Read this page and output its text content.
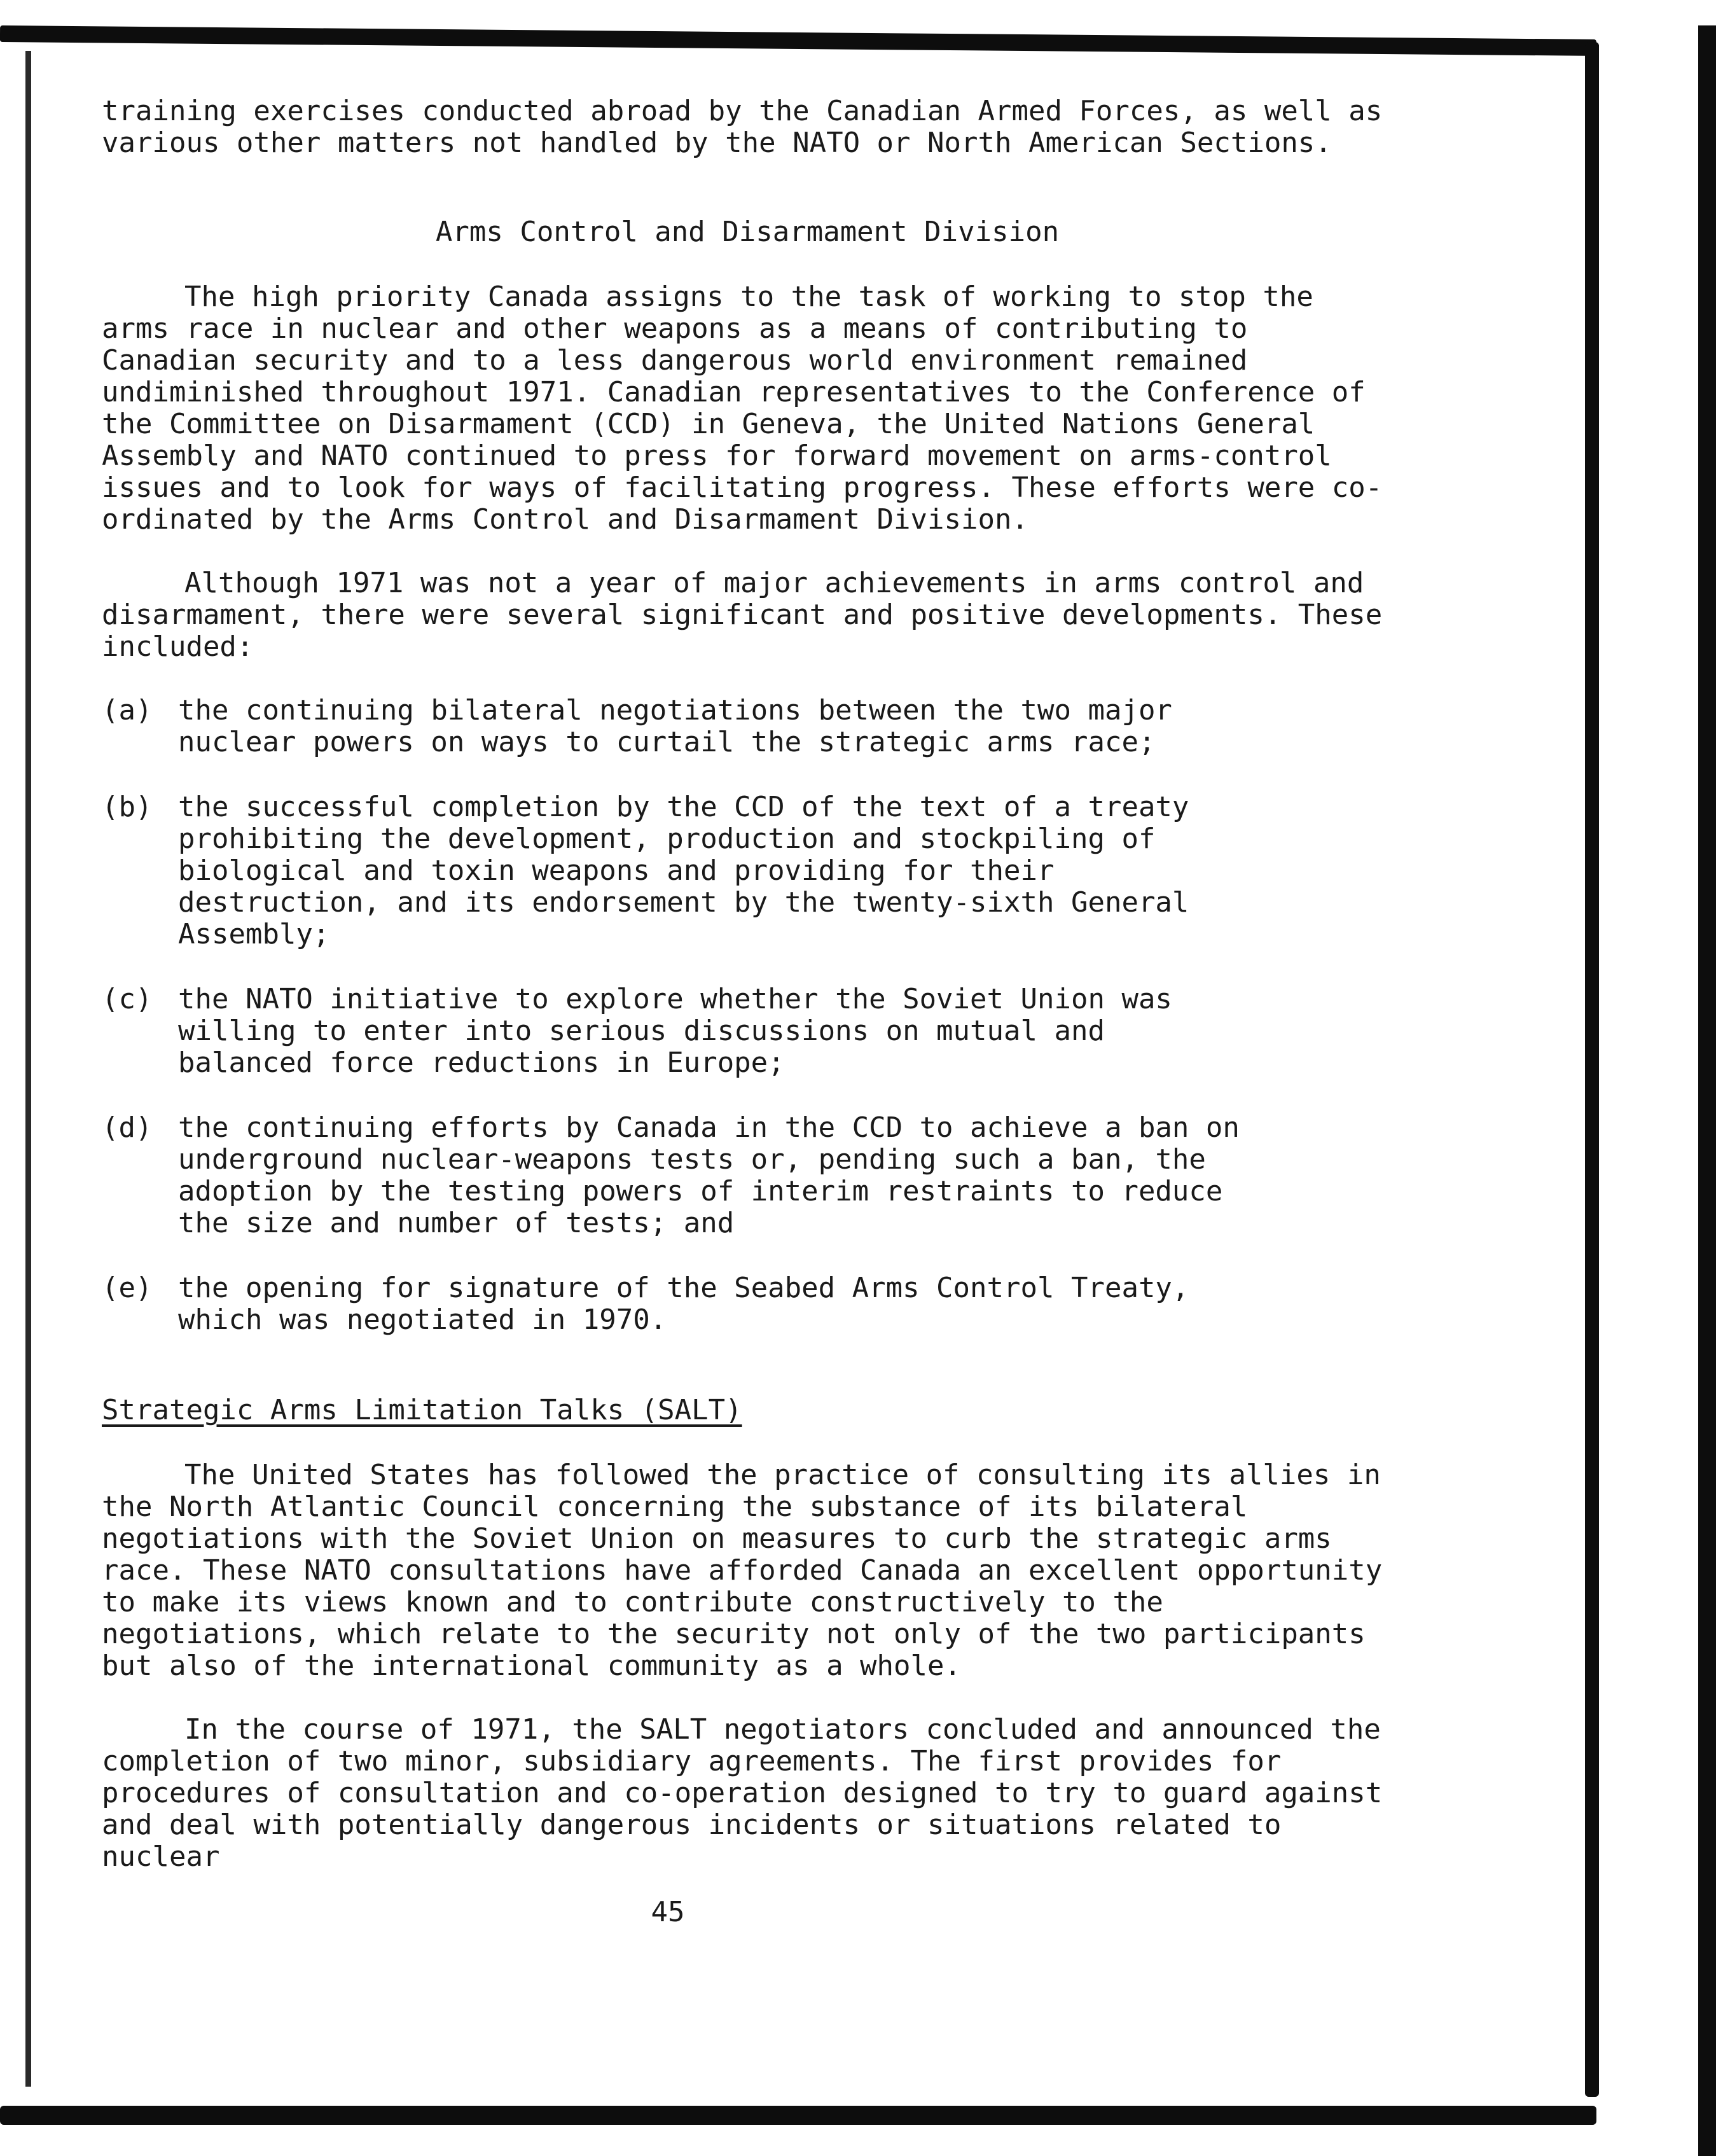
training exercises conducted abroad by the Canadian Armed Forces, as well as various other matters not handled by the NATO or North American Sections.

Arms Control and Disarmament Division

The high priority Canada assigns to the task of working to stop the arms race in nuclear and other weapons as a means of contributing to Canadian security and to a less dangerous world environment remained undiminished throughout 1971. Canadian representatives to the Conference of the Committee on Disarmament (CCD) in Geneva, the United Nations General Assembly and NATO continued to press for forward movement on arms-control issues and to look for ways of facilitating progress. These efforts were co-ordinated by the Arms Control and Disarmament Division.

Although 1971 was not a year of major achievements in arms control and disarmament, there were several significant and positive developments. These included:

(a) the continuing bilateral negotiations between the two major nuclear powers on ways to curtail the strategic arms race;
(b) the successful completion by the CCD of the text of a treaty prohibiting the development, production and stockpiling of biological and toxin weapons and providing for their destruction, and its endorsement by the twenty-sixth General Assembly;
(c) the NATO initiative to explore whether the Soviet Union was willing to enter into serious discussions on mutual and balanced force reductions in Europe;
(d) the continuing efforts by Canada in the CCD to achieve a ban on underground nuclear-weapons tests or, pending such a ban, the adoption by the testing powers of interim restraints to reduce the size and number of tests; and
(e) the opening for signature of the Seabed Arms Control Treaty, which was negotiated in 1970.
Strategic Arms Limitation Talks (SALT)

The United States has followed the practice of consulting its allies in the North Atlantic Council concerning the substance of its bilateral negotiations with the Soviet Union on measures to curb the strategic arms race. These NATO consultations have afforded Canada an excellent opportunity to make its views known and to contribute constructively to the negotiations, which relate to the security not only of the two participants but also of the international community as a whole.

In the course of 1971, the SALT negotiators concluded and announced the completion of two minor, subsidiary agreements. The first provides for procedures of consultation and co-operation designed to try to guard against and deal with potentially dangerous incidents or situations related to nuclear

45
